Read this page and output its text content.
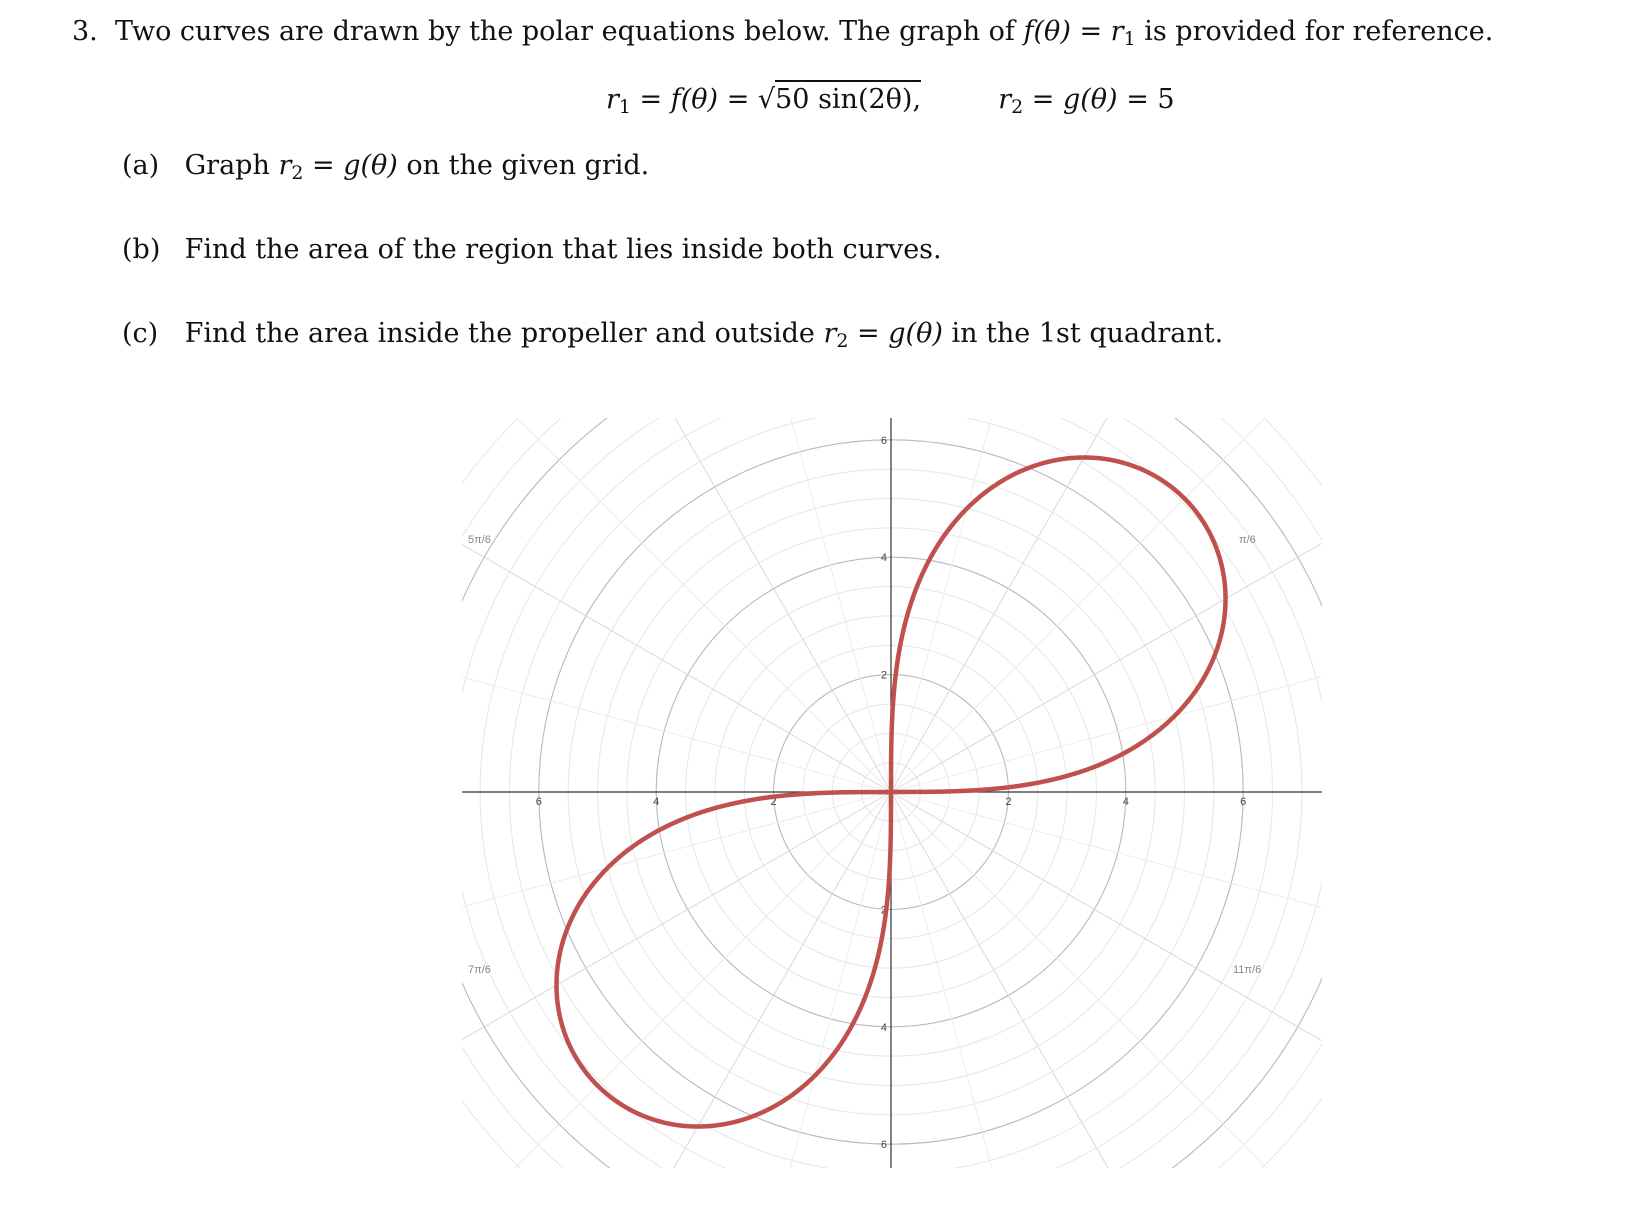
3. Two curves are drawn by the polar equations below. The graph of f(θ) = r1 is provided for reference.
r1 = f(θ) = √50 sin(2θ),	r2 = g(θ) = 5
(a) Graph r2 = g(θ) on the given grid.
(b) Find the area of the region that lies inside both curves.
(c) Find the area inside the propeller and outside r2 = g(θ) in the 1st quadrant.
2
2
2
2
4
4
4
4
6
6
6
6
π/6
5π/6
7π/6	11π/6
